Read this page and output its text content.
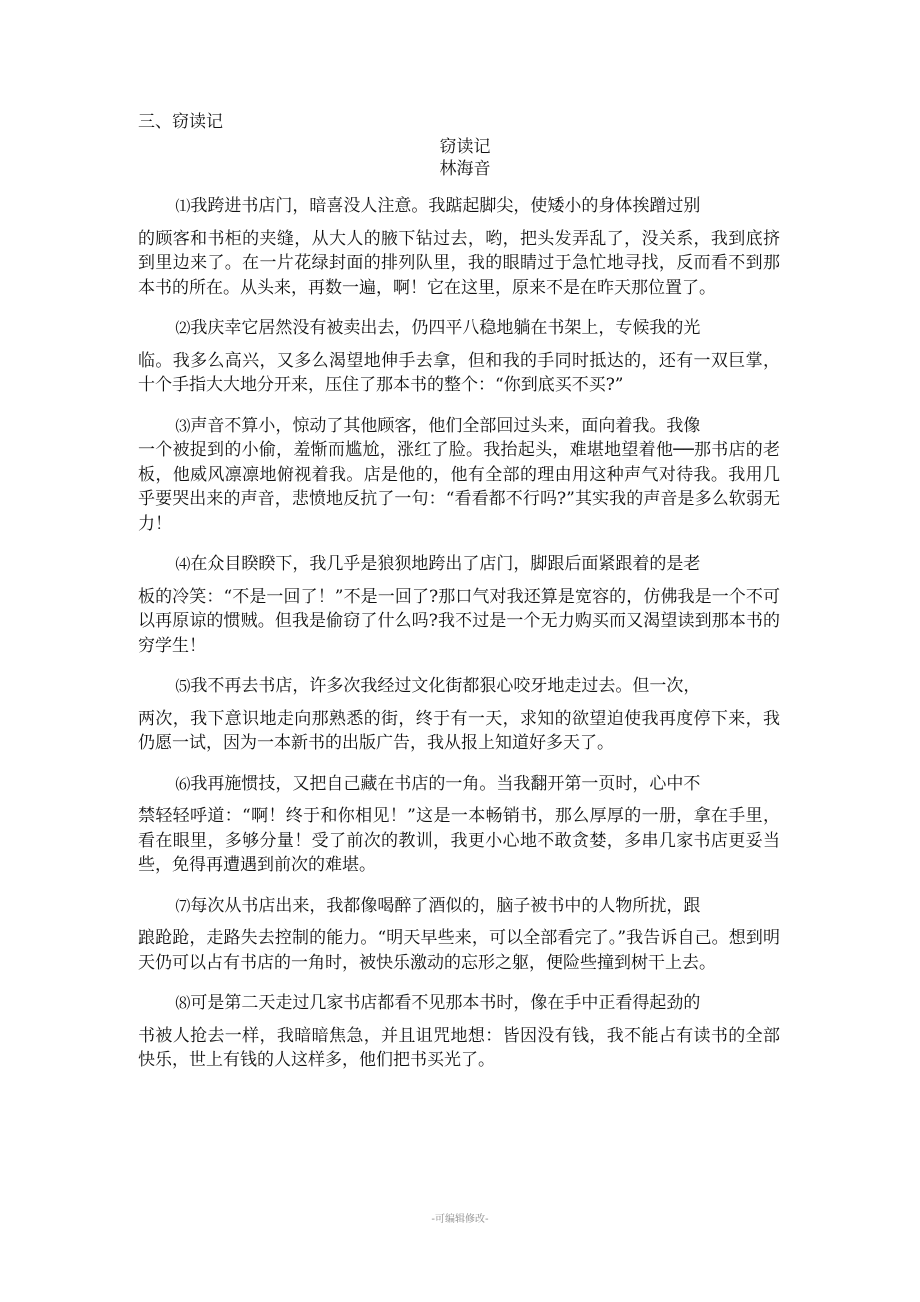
三、窃读记
窃读记
林海音

⑴我跨进书店门，暗喜没人注意。我踮起脚尖，使矮小的身体挨蹭过别
的顾客和书柜的夹缝，从大人的腋下钻过去，哟，把头发弄乱了，没关系，我到底挤到里边来了。在一片花绿封面的排列队里，我的眼睛过于急忙地寻找，反而看不到那本书的所在。从头来，再数一遍，啊！它在这里，原来不是在昨天那位置了。

⑵我庆幸它居然没有被卖出去，仍四平八稳地躺在书架上，专候我的光
临。我多么高兴，又多么渴望地伸手去拿，但和我的手同时抵达的，还有一双巨掌，十个手指大大地分开来，压住了那本书的整个：“你到底买不买?”

⑶声音不算小，惊动了其他顾客，他们全部回过头来，面向着我。我像
一个被捉到的小偷，羞惭而尴尬，涨红了脸。我抬起头，难堪地望着他──那书店的老板，他威风凛凛地俯视着我。店是他的，他有全部的理由用这种声气对待我。我用几乎要哭出来的声音，悲愤地反抗了一句：“看看都不行吗?”其实我的声音是多么软弱无力！

⑷在众目睽睽下，我几乎是狼狈地跨出了店门，脚跟后面紧跟着的是老
板的冷笑：“不是一回了！”不是一回了?那口气对我还算是宽容的，仿佛我是一个不可以再原谅的惯贼。但我是偷窃了什么吗?我不过是一个无力购买而又渴望读到那本书的穷学生！

⑸我不再去书店，许多次我经过文化街都狠心咬牙地走过去。但一次，
两次，我下意识地走向那熟悉的街，终于有一天，求知的欲望迫使我再度停下来，我仍愿一试，因为一本新书的出版广告，我从报上知道好多天了。

⑹我再施惯技，又把自己藏在书店的一角。当我翻开第一页时，心中不
禁轻轻呼道：“啊！终于和你相见！”这是一本畅销书，那么厚厚的一册，拿在手里，看在眼里，多够分量！受了前次的教训，我更小心地不敢贪婪，多串几家书店更妥当些，免得再遭遇到前次的难堪。

⑺每次从书店出来，我都像喝醉了酒似的，脑子被书中的人物所扰，跟
踉跄跄，走路失去控制的能力。“明天早些来，可以全部看完了。”我告诉自己。想到明天仍可以占有书店的一角时，被快乐激动的忘形之躯，便险些撞到树干上去。

⑻可是第二天走过几家书店都看不见那本书时，像在手中正看得起劲的
书被人抢去一样，我暗暗焦急，并且诅咒地想：皆因没有钱，我不能占有读书的全部快乐，世上有钱的人这样多，他们把书买光了。

-可编辑修改-
